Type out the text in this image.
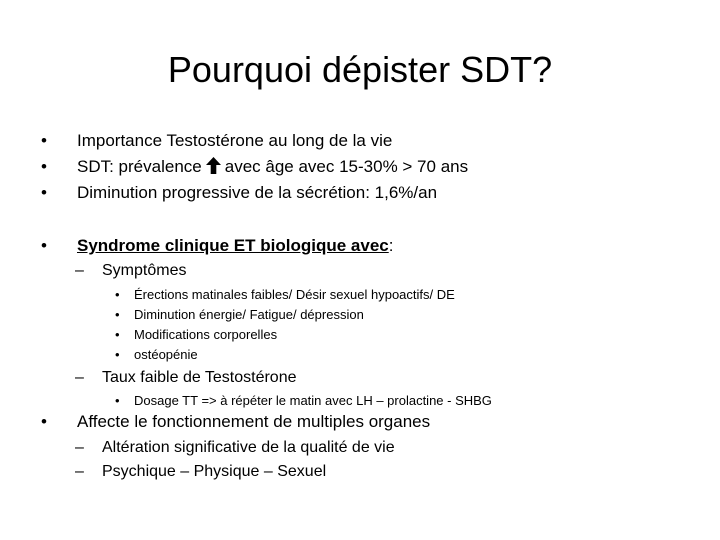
Pourquoi dépister SDT?
• Importance Testostérone au long de la vie
• SDT: prévalence avec âge avec 15-30% > 70 ans
• Diminution progressive de la sécrétion: 1,6%/an
• Syndrome clinique ET biologique avec:
– Symptômes
• Érections matinales faibles/ Désir sexuel hypoactifs/ DE
• Diminution énergie/ Fatigue/ dépression
• Modifications corporelles
• ostéopénie
– Taux faible de Testostérone
• Dosage TT => à répéter le matin avec LH – prolactine - SHBG
• Affecte le fonctionnement de multiples organes
– Altération significative de la qualité de vie
– Psychique – Physique – Sexuel
